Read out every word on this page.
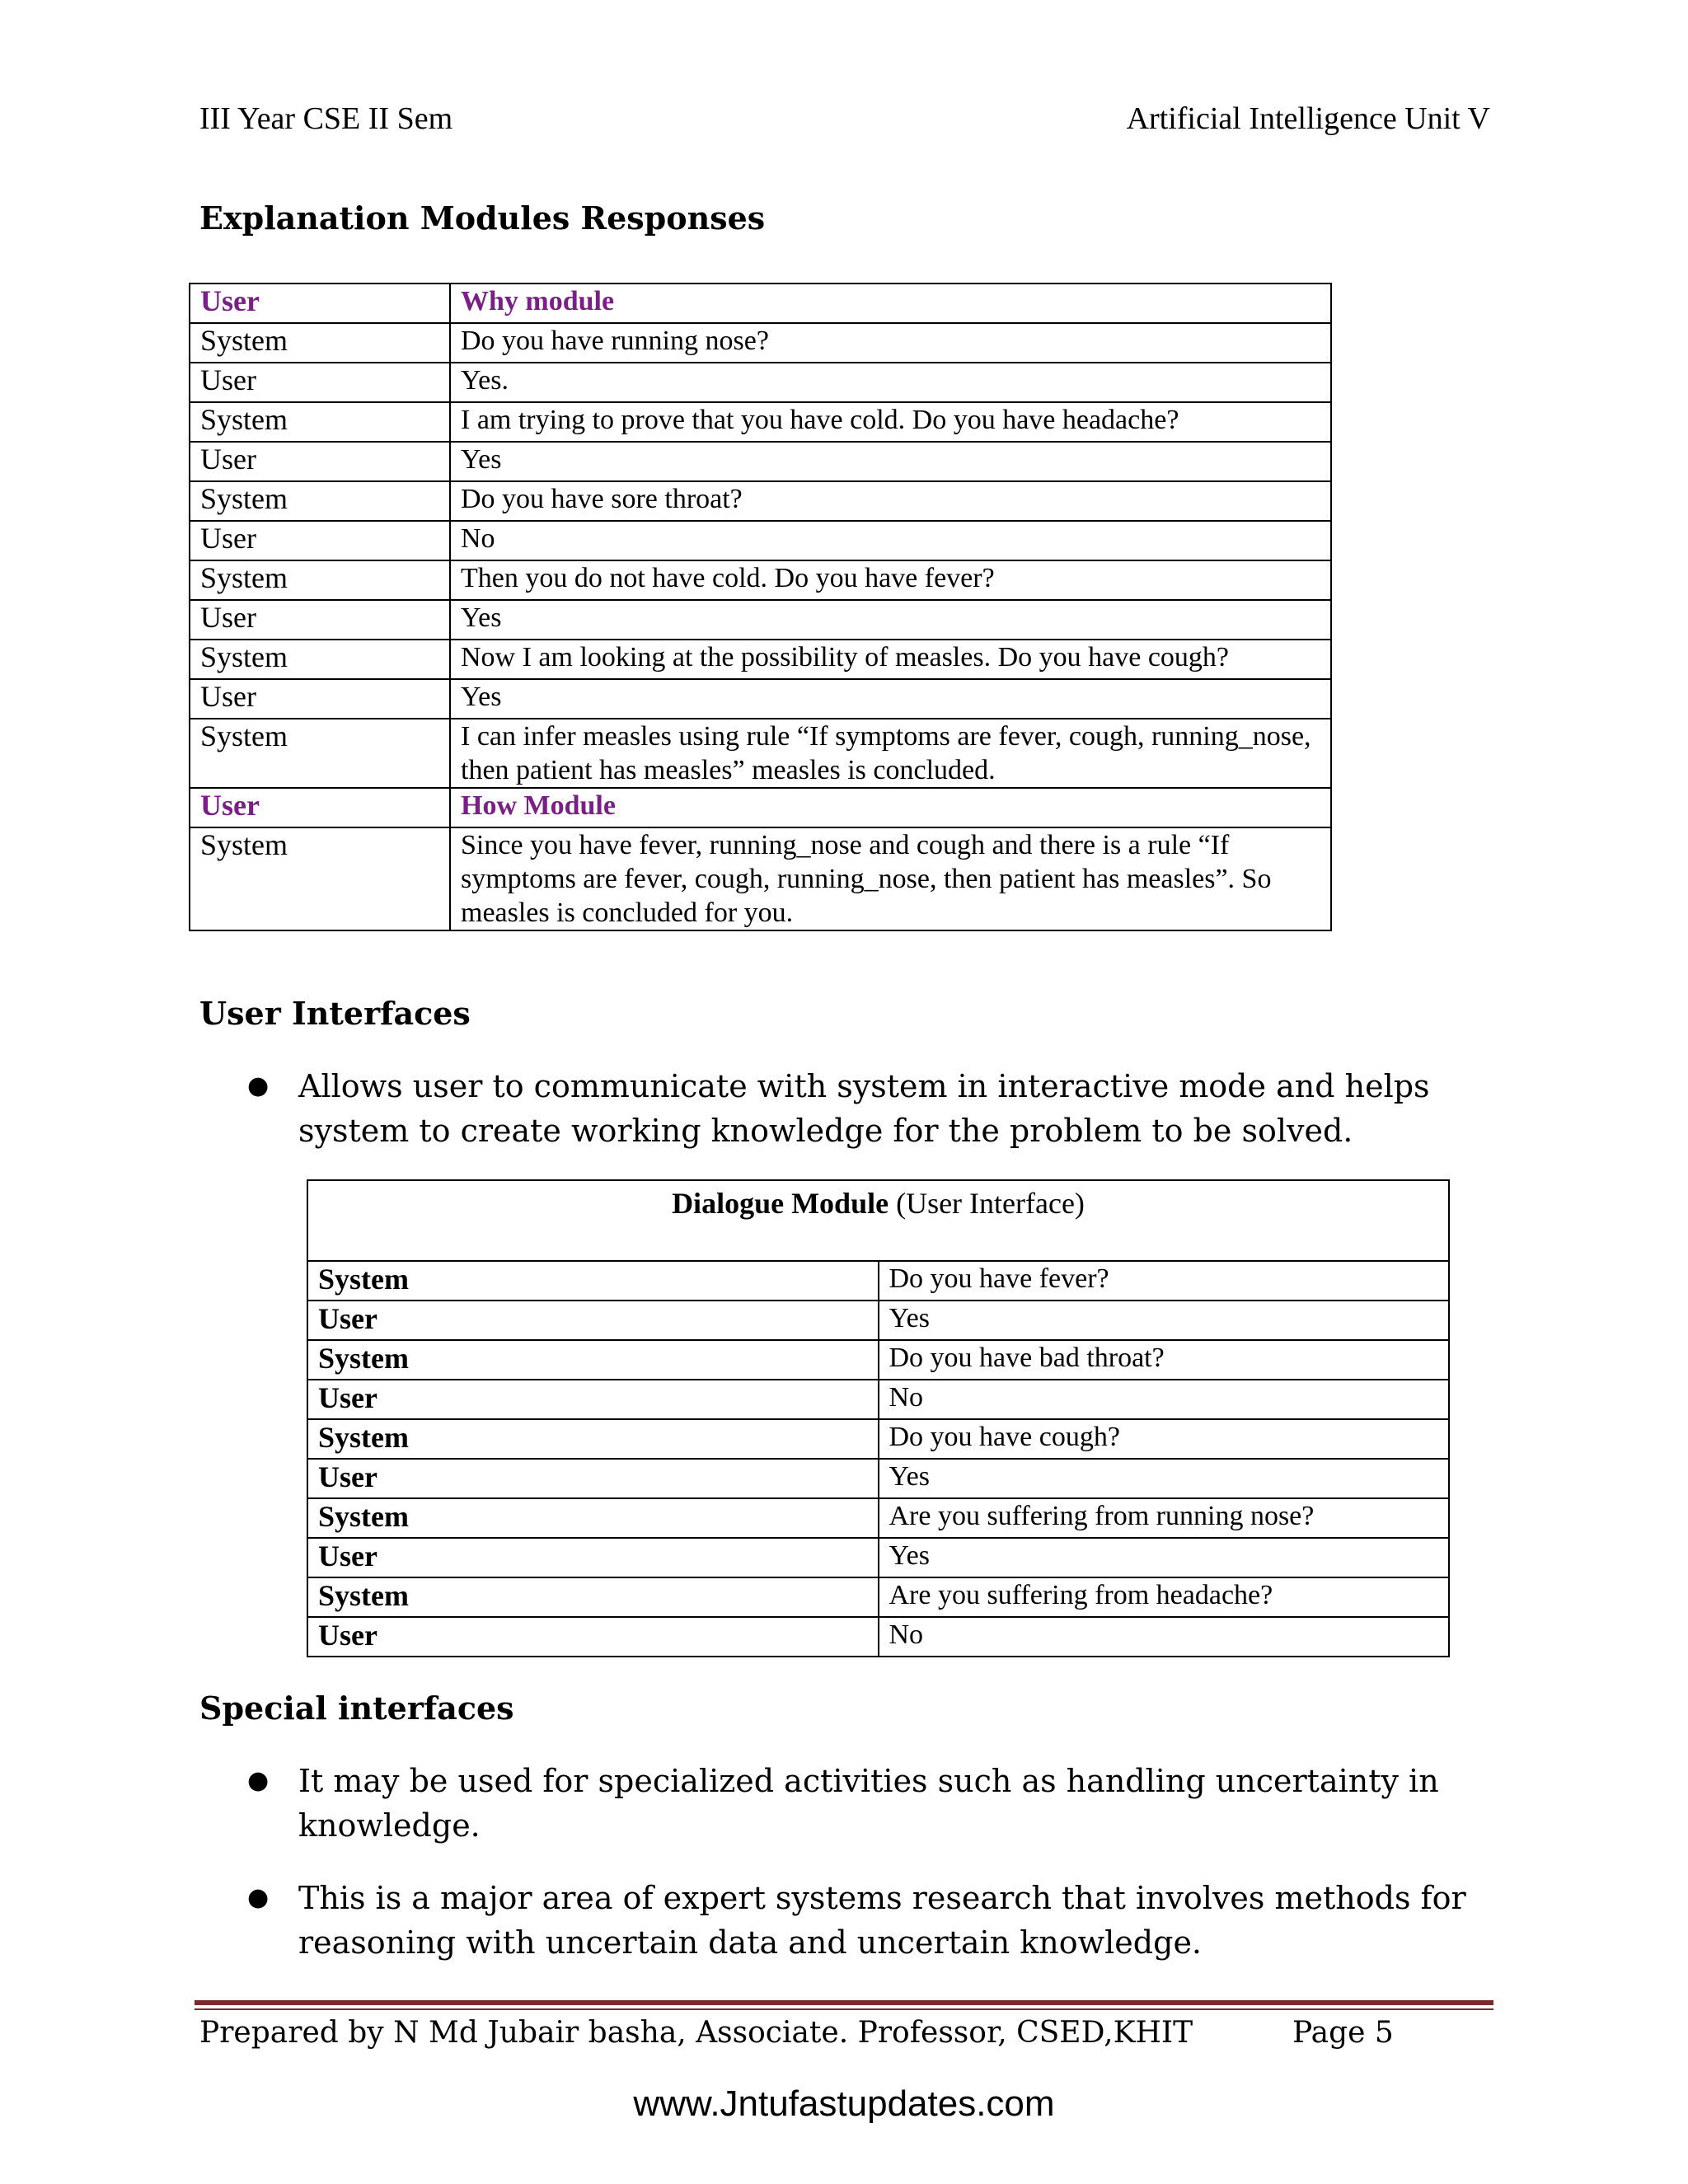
III Year CSE II Sem	Artificial Intelligence Unit V
Explanation Modules Responses
User	Why module
System	Do you have running nose?
User	Yes.
System	I am trying to prove that you have cold. Do you have headache?
User	Yes
System	Do you have sore throat?
User	No
System	Then you do not have cold. Do you have fever?
User	Yes
System	Now I am looking at the possibility of measles. Do you have cough?
User	Yes
System	I can infer measles using rule “If symptoms are fever, cough, running_nose, then patient has measles” measles is concluded.
User	How Module
System	Since you have fever, running_nose and cough and there is a rule “If symptoms are fever, cough, running_nose, then patient has measles”. So measles is concluded for you.
User Interfaces
● Allows user to communicate with system in interactive mode and helps system to create working knowledge for the problem to be solved.
Dialogue Module (User Interface)	
System	Do you have fever?
User	Yes
System	Do you have bad throat?
User	No
System	Do you have cough?
User	Yes
System	Are you suffering from running nose?
User	Yes
System	Are you suffering from headache?
User	No
Special interfaces
● It may be used for specialized activities such as handling uncertainty in knowledge.
● This is a major area of expert systems research that involves methods for reasoning with uncertain data and uncertain knowledge.
Prepared by N Md Jubair basha, Associate. Professor, CSED,KHIT	Page 5
www.Jntufastupdates.com
